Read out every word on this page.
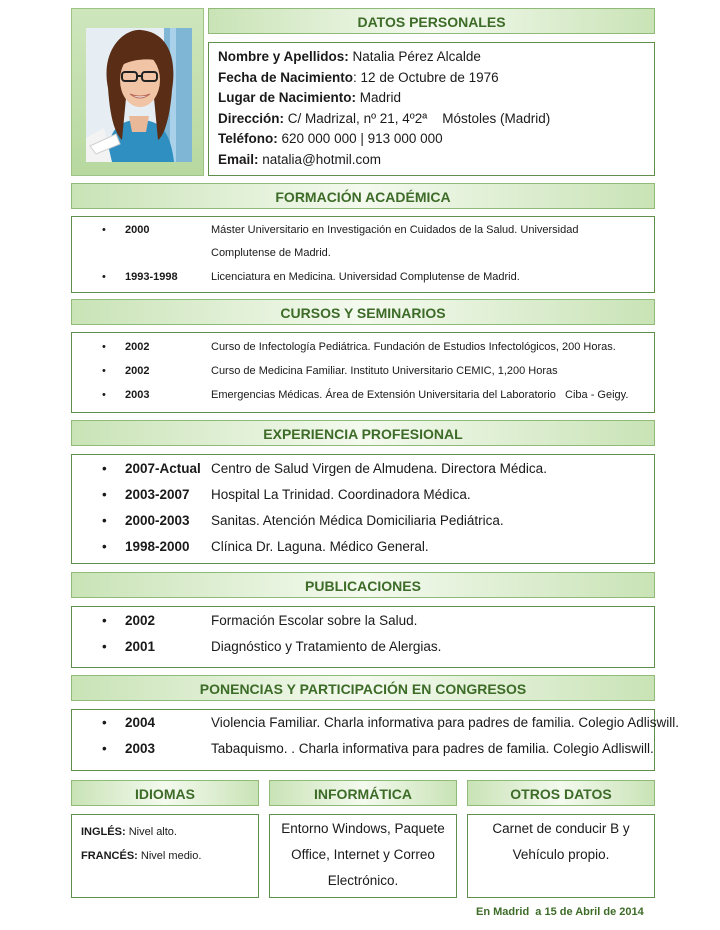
DATOS PERSONALES
Nombre y Apellidos: Natalia Pérez Alcalde
Fecha de Nacimiento: 12 de Octubre de 1976
Lugar de Nacimiento: Madrid
Dirección: C/ Madrizal, nº 21, 4º2ª    Móstoles (Madrid)
Teléfono: 620 000 000 | 913 000 000
Email: natalia@hotmil.com
FORMACIÓN ACADÉMICA
• 2000	Máster Universitario en Investigación en Cuidados de la Salud. Universidad
Complutense de Madrid.
• 1993-1998	Licenciatura en Medicina. Universidad Complutense de Madrid.
CURSOS Y SEMINARIOS
• 2002	Curso de Infectología Pediátrica. Fundación de Estudios Infectológicos, 200 Horas.
• 2002	Curso de Medicina Familiar. Instituto Universitario CEMIC, 1,200 Horas
• 2003	Emergencias Médicas. Área de Extensión Universitaria del Laboratorio   Ciba - Geigy.
EXPERIENCIA PROFESIONAL
• 2007-Actual Centro de Salud Virgen de Almudena. Directora Médica.
• 2003-2007 Hospital La Trinidad. Coordinadora Médica.
• 2000-2003 Sanitas. Atención Médica Domiciliaria Pediátrica.
• 1998-2000 Clínica Dr. Laguna. Médico General.
PUBLICACIONES
• 2002	Formación Escolar sobre la Salud.
• 2001	Diagnóstico y Tratamiento de Alergias.
PONENCIAS Y PARTICIPACIÓN EN CONGRESOS
• 2004	Violencia Familiar. Charla informativa para padres de familia. Colegio Adliswill.
• 2003	Tabaquismo. . Charla informativa para padres de familia. Colegio Adliswill.
IDIOMAS
INGLÉS: Nivel alto.
FRANCÉS: Nivel medio.
INFORMÁTICA
Entorno Windows, Paquete
Office, Internet y Correo
Electrónico.
OTROS DATOS
Carnet de conducir B y
Vehículo propio.
En Madrid  a 15 de Abril de 2014
